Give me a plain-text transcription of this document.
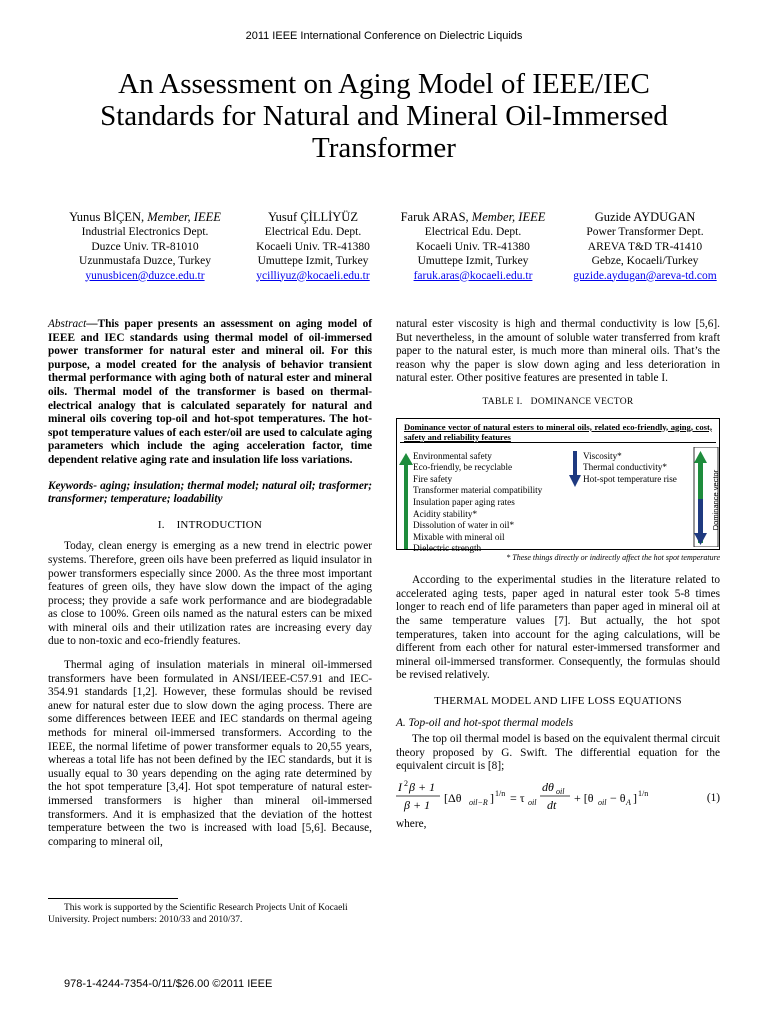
2011 IEEE International Conference on Dielectric Liquids
An Assessment on Aging Model of IEEE/IEC Standards for Natural and Mineral Oil-Immersed Transformer
Yunus BİÇEN, Member, IEEE
Industrial Electronics Dept.
Duzce Univ. TR-81010
Uzunmustafa Duzce, Turkey
yunusbicen@duzce.edu.tr
Yusuf ÇİLLİYÜZ
Electrical Edu. Dept.
Kocaeli Univ. TR-41380
Umuttepe Izmit, Turkey
ycilliyuz@kocaeli.edu.tr
Faruk ARAS, Member, IEEE
Electrical Edu. Dept.
Kocaeli Univ. TR-41380
Umuttepe Izmit, Turkey
faruk.aras@kocaeli.edu.tr
Guzide AYDUGAN
Power Transformer Dept.
AREVA T&D TR-41410
Gebze, Kocaeli/Turkey
guzide.aydugan@areva-td.com
Abstract—This paper presents an assessment on aging model of IEEE and IEC standards using thermal model of oil-immersed power transformer for natural ester and mineral oil. For this purpose, a model created for the analysis of behavior transient thermal performance with aging both of natural ester and mineral oils. Thermal model of the transformer is based on thermal-electrical analogy that is calculated separately for natural and mineral oils covering top-oil and hot-spot temperatures. The hot-spot temperature values of each ester/oil are used to calculate aging parameters which include the aging acceleration factor, time dependent relative aging rate and insulation life loss variations.
Keywords- aging; insulation; thermal model; natural oil; trasformer; transformer; temperature; loadability
I. INTRODUCTION

Today, clean energy is emerging as a new trend in electric power systems. Therefore, green oils have been preferred as liquid insulator in power transformers especially since 2000. As the three most important features of green oils, they have slow down the impact of the aging process; they provide a safe work performance and are biodegradable as close to 100%. Green oils named as the natural esters can be mixed with mineral oils and their utilization rates are increasing every day due to non-toxic and eco-friendly features.

Thermal aging of insulation materials in mineral oil-immersed transformers have been formulated in ANSI/IEEE-C57.91 and IEC-354.91 standards [1,2]. However, these formulas should be revised anew for natural ester due to slow down the aging process. There are some differences between IEEE and IEC standards on thermal ageing methods for mineral oil-immersed transformers. According to the IEEE, the normal lifetime of power transformer equals to 20,55 years, whereas a total life has not been defined by the IEC standards, but it is usually equal to 30 years depending on the aging rate determined by the hot spot temperature [3,4]. Hot spot temperature of natural ester-immersed transformers is higher than mineral oil-immersed transformers. And it is emphasized that the deviation of the hottest temperature between the two is increased with load [5,6]. Because, comparing to mineral oil,

This work is supported by the Scientific Research Projects Unit of Kocaeli University. Project numbers: 2010/33 and 2010/37.

natural ester viscosity is high and thermal conductivity is low [5,6]. But nevertheless, in the amount of soluble water transferred from kraft paper to the natural ester, is much more than mineral oils. That’s the reason why the paper is slow down aging and less deterioration in natural ester. Other positive features are presented in table I.

TABLE I. DOMINANCE VECTOR
Dominance vector of natural esters to mineral oils, related eco-friendly, aging, cost, safety and reliability features
Environmental safety
Eco-friendly, be recyclable
Fire safety
Transformer material compatibility
Insulation paper aging rates
Acidity stability*
Dissolution of water in oil*
Mixable with mineral oil
Dielectric strength
Viscosity*
Thermal conductivity*
Hot-spot temperature rise	Dominance vector
* These things directly or indirectly affect the hot spot temperature

According to the experimental studies in the literature related to accelerated aging tests, paper aged in natural ester took 5-8 times longer to reach end of life parameters than paper aged in mineral oil at the same temperature values [7]. But actually, the hot spot temperatures, taken into account for the aging calculations, will be different from each other for natural ester-immersed transformer and mineral oil-immersed transformer. Consequently, the formulas should be revised relatively.

THERMAL MODEL AND LIFE LOSS EQUATIONS
A. Top-oil and hot-spot thermal models

The top oil thermal model is based on the equivalent thermal circuit theory proposed by G. Swift. The differential equation for the equivalent circuit is [8];

I 2 β + 1
β + 1 [Δθ oil−R ] 1/n = τ oil
dθ oil
dt + [θ oil − θ A ] 1/n	(1)
where,
978-1-4244-7354-0/11/$26.00 ©2011 IEEE
